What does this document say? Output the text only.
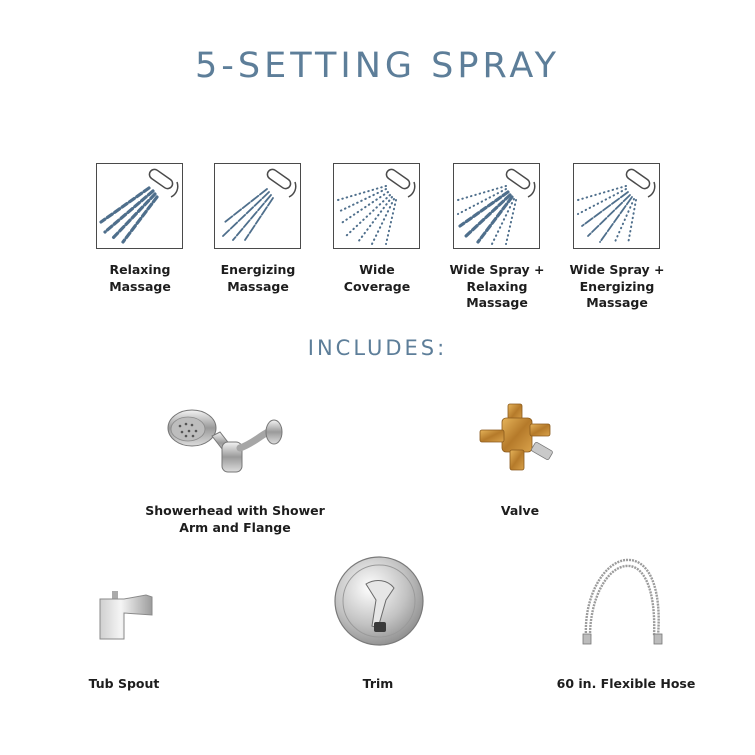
5-SETTING SPRAY
Relaxing
Massage
Energizing
Massage
Wide
Coverage
Wide Spray +
Relaxing
Massage
Wide Spray +
Energizing
Massage
INCLUDES:
Showerhead with Shower
Arm and Flange
Valve
Tub Spout	Trim	60 in. Flexible Hose
